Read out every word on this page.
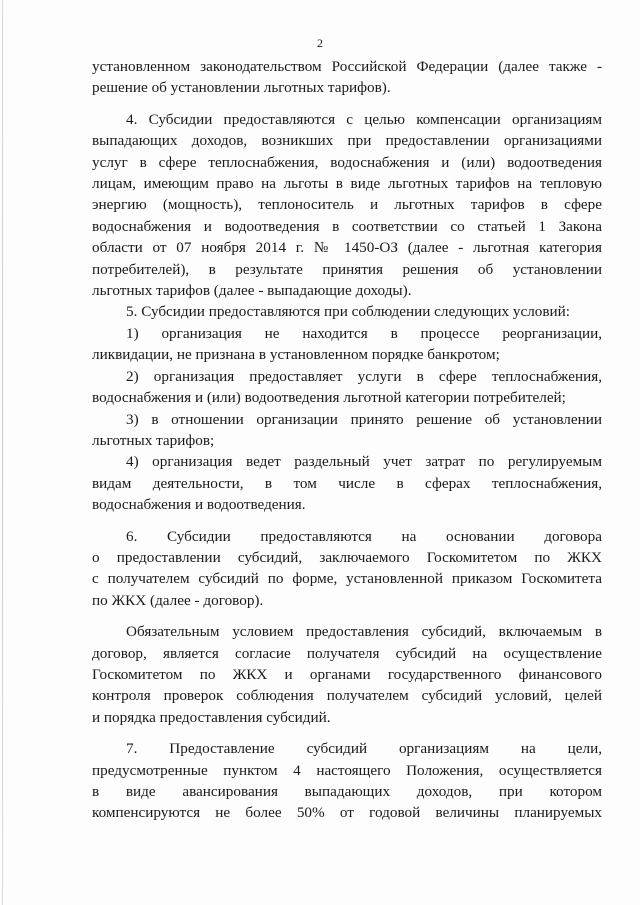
2

установленном законодательством Российской Федерации (далее также -
решение об установлении льготных тарифов).

4. Субсидии предоставляются с целью компенсации организациям
выпадающих доходов, возникших при предоставлении организациями
услуг в сфере теплоснабжения, водоснабжения и (или) водоотведения
лицам, имеющим право на льготы в виде льготных тарифов на тепловую
энергию (мощность), теплоноситель и льготных тарифов в сфере
водоснабжения и водоотведения в соответствии со статьей 1 Закона
области от 07 ноября 2014 г. № 1450-ОЗ (далее - льготная категория
потребителей), в результате принятия решения об установлении
льготных тарифов (далее - выпадающие доходы).

5. Субсидии предоставляются при соблюдении следующих условий:

1) организация не находится в процессе реорганизации,
ликвидации, не признана в установленном порядке банкротом;

2) организация предоставляет услуги в сфере теплоснабжения,
водоснабжения и (или) водоотведения льготной категории потребителей;

3) в отношении организации принято решение об установлении
льготных тарифов;

4) организация ведет раздельный учет затрат по регулируемым
видам деятельности, в том числе в сферах теплоснабжения,
водоснабжения и водоотведения.

6. Субсидии предоставляются на основании договора
о предоставлении субсидий, заключаемого Госкомитетом по ЖКХ
с получателем субсидий по форме, установленной приказом Госкомитета
по ЖКХ (далее - договор).

Обязательным условием предоставления субсидий, включаемым в
договор, является согласие получателя субсидий на осуществление
Госкомитетом по ЖКХ и органами государственного финансового
контроля проверок соблюдения получателем субсидий условий, целей
и порядка предоставления субсидий.

7. Предоставление субсидий организациям на цели,
предусмотренные пунктом 4 настоящего Положения, осуществляется
в виде авансирования выпадающих доходов, при котором
компенсируются не более 50% от годовой величины планируемых
